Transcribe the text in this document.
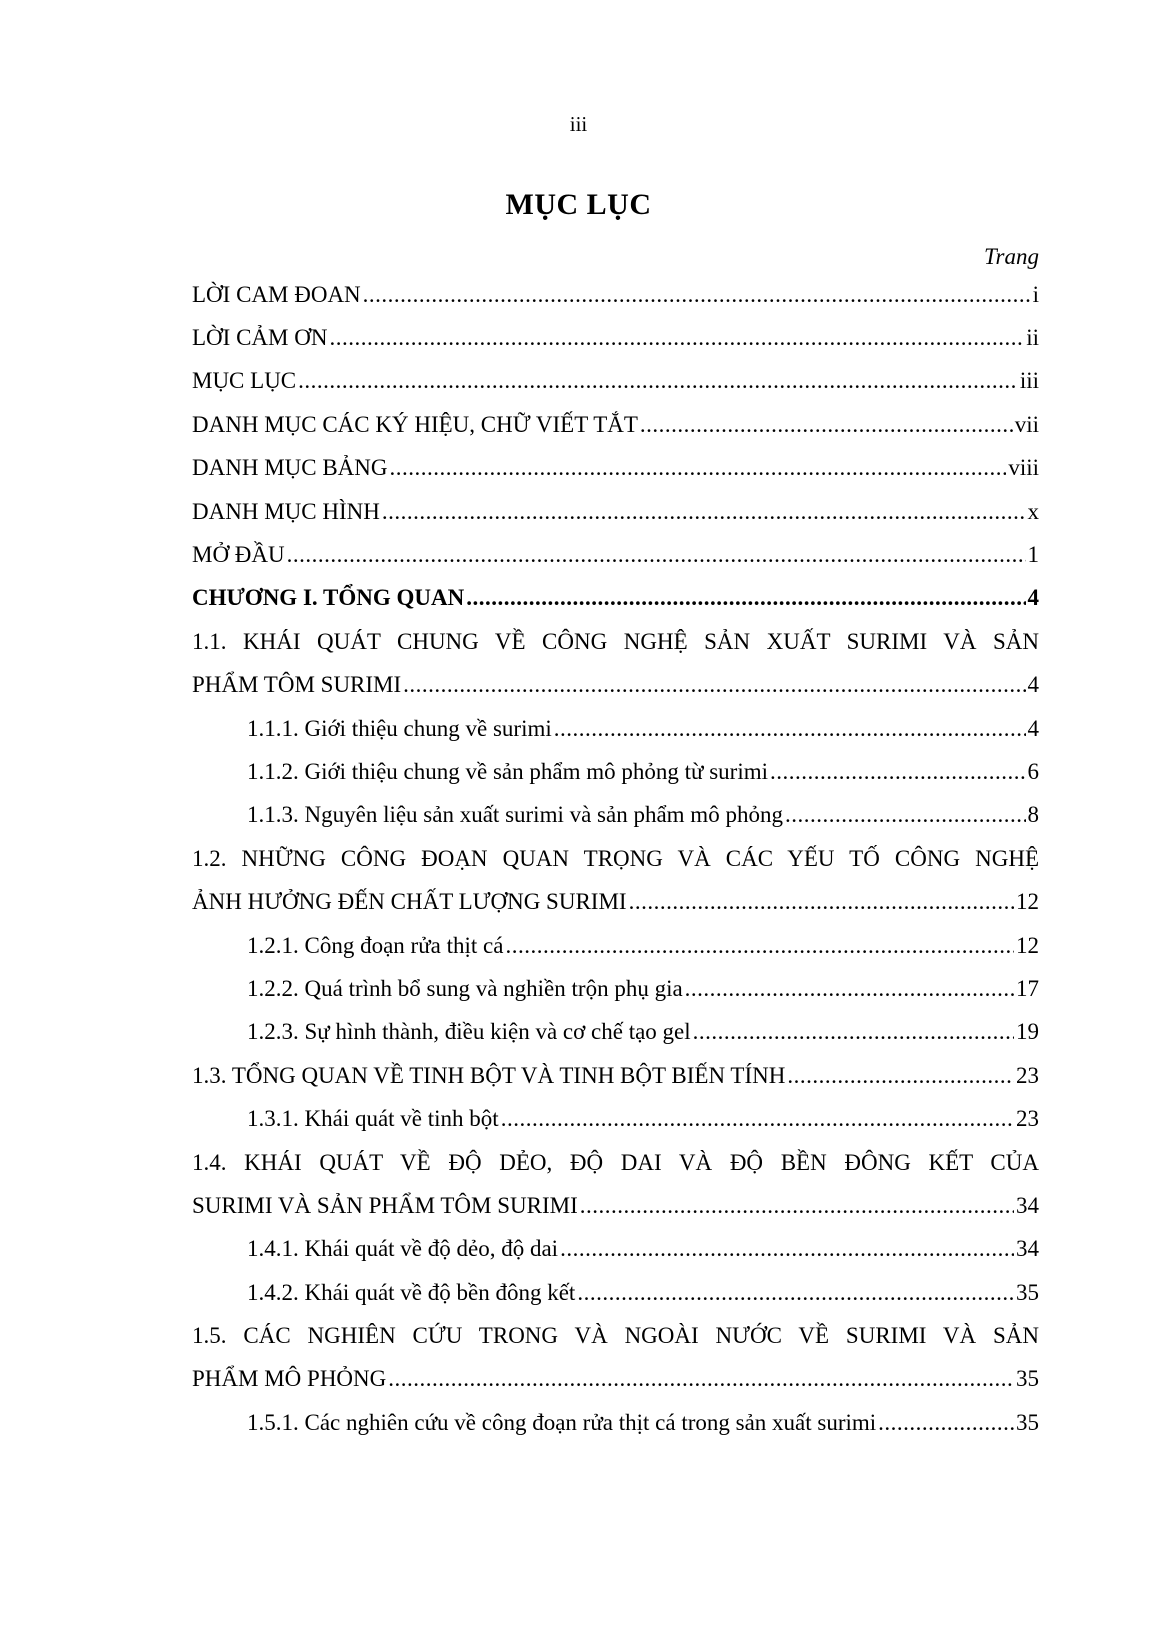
iii
MỤC LỤC
Trang
LỜI CAM ĐOAN .....	i
LỜI CẢM ƠN .....	ii
MỤC LỤC .....	iii
DANH MỤC CÁC KÝ HIỆU, CHỮ VIẾT TẮT .....	vii
DANH MỤC BẢNG .....	viii
DANH MỤC HÌNH .....	x
MỞ ĐẦU .....	1
CHƯƠNG I. TỔNG QUAN .....	4
1.1. KHÁI QUÁT CHUNG VỀ CÔNG NGHỆ SẢN XUẤT SURIMI VÀ SẢN
PHẨM TÔM SURIMI .....	4
1.1.1. Giới thiệu chung về surimi .....	4
1.1.2. Giới thiệu chung về sản phẩm mô phỏng từ surimi .....	6
1.1.3. Nguyên liệu sản xuất surimi và sản phẩm mô phỏng .....	8
1.2. NHỮNG CÔNG ĐOẠN QUAN TRỌNG VÀ CÁC YẾU TỐ CÔNG NGHỆ
ẢNH HƯỞNG ĐẾN CHẤT LƯỢNG SURIMI .....	12
1.2.1. Công đoạn rửa thịt cá .....	12
1.2.2. Quá trình bổ sung và nghiền trộn phụ gia .....	17
1.2.3. Sự hình thành, điều kiện và cơ chế tạo gel .....	19
1.3. TỔNG QUAN VỀ TINH BỘT VÀ TINH BỘT BIẾN TÍNH .....	23
1.3.1. Khái quát về tinh bột .....	23
1.4. KHÁI QUÁT VỀ ĐỘ DẺO, ĐỘ DAI VÀ ĐỘ BỀN ĐÔNG KẾT CỦA
SURIMI VÀ SẢN PHẨM TÔM SURIMI .....	34
1.4.1. Khái quát về độ dẻo, độ dai .....	34
1.4.2. Khái quát về độ bền đông kết .....	35
1.5. CÁC NGHIÊN CỨU TRONG VÀ NGOÀI NƯỚC VỀ SURIMI VÀ SẢN
PHẨM MÔ PHỎNG .....	35
1.5.1. Các nghiên cứu về công đoạn rửa thịt cá trong sản xuất surimi .....	35
